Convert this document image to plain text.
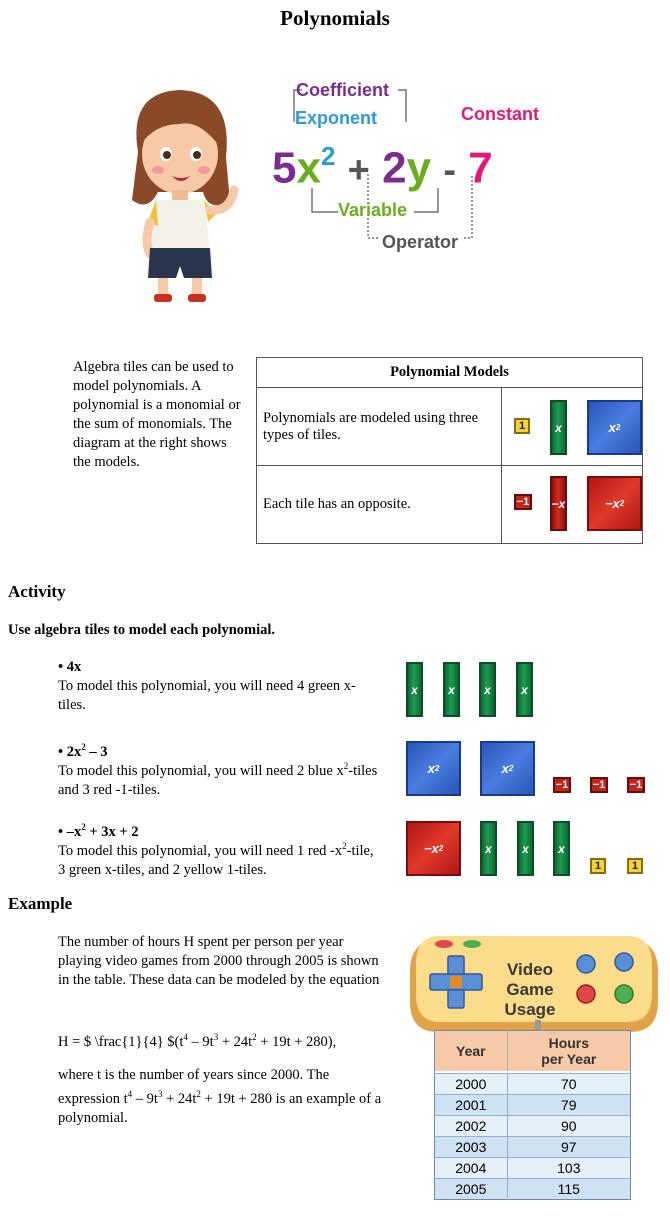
Polynomials
Coefficient
Exponent	Constant
$5x^2 + 2y - 7$
Variable
Operator
Algebra tiles can be used to model polynomials. A polynomial is a monomial or the sum of monomials. The diagram at the right shows the models.
Polynomial Models	
Polynomials are modeled using three types of tiles.	1 x x 2

Each tile has an opposite.	−1 −x −x 2
Activity
Use algebra tiles to model each polynomial.
• 4x
To model this polynomial, you will need 4 green x-tiles.
x	x	x	x
• $2x^2 - 3$
To model this polynomial, you will need 2 blue $x^2$-tiles and 3 red -1-tiles.
x 2	x 2
−1 −1 −1
• $-x^2 + 3x + 2$
To model this polynomial, you will need 1 red $-x^2$-tile, 3 green x-tiles, and 2 yellow 1-tiles.
−x 2	x	x	x
1	1
Example
The number of hours H spent per person per year playing video games from 2000 through 2005 is shown in the table. These data can be modeled by the equation
H = $ \frac{1}{4} $\$(t^4 - 9t^3 + 24t^2 + 19t + 280)$,
where t is the number of years since 2000. The expression $t^4 - 9t^3 + 24t^2 + 19t + 280$ is an example of a polynomial.
Video
Game
Usage
Year	Hours
per Year

2000	70
2001	79
2002	90
2003	97
2004	103
2005	115
